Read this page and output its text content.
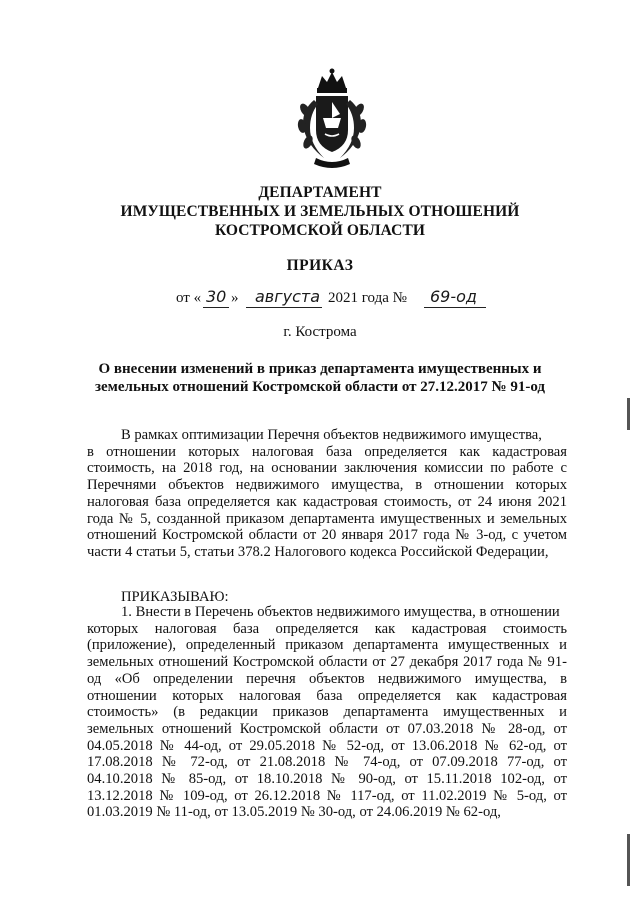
ДЕПАРТАМЕНТ
ИМУЩЕСТВЕННЫХ И ЗЕМЕЛЬНЫХ ОТНОШЕНИЙ
КОСТРОМСКОЙ ОБЛАСТИ
ПРИКАЗ
от « 30 » августа 2021 года № 69-од
г. Кострома
О внесении изменений в приказ департамента имущественных и
земельных отношений Костромской области от 27.12.2017 № 91-од
В рамках оптимизации Перечня объектов недвижимого имущества,
в отношении которых налоговая база определяется как кадастровая стоимость, на 2018 год, на основании заключения комиссии по работе с Перечнями объектов недвижимого имущества, в отношении которых налоговая база определяется как кадастровая стоимость, от 24 июня 2021 года № 5, созданной приказом департамента имущественных и земельных отношений Костромской области от 20 января 2017 года № 3-од, с учетом части 4 статьи 5, статьи 378.2 Налогового кодекса Российской Федерации,
ПРИКАЗЫВАЮ:
1. Внести в Перечень объектов недвижимого имущества, в отношении
которых налоговая база определяется как кадастровая стоимость (приложение), определенный приказом департамента имущественных и земельных отношений Костромской области от 27 декабря 2017 года № 91-од «Об определении перечня объектов недвижимого имущества, в отношении которых налоговая база определяется как кадастровая стоимость» (в редакции приказов департамента имущественных и земельных отношений Костромской области от 07.03.2018 № 28-од, от 04.05.2018 № 44-од, от 29.05.2018 № 52-од, от 13.06.2018 № 62-од, от 17.08.2018 № 72-од, от 21.08.2018 № 74-од, от 07.09.2018 77-од, от 04.10.2018 № 85-од, от 18.10.2018 № 90-од, от 15.11.2018 102-од, от 13.12.2018 № 109-од, от 26.12.2018 № 117-од, от 11.02.2019 № 5-од, от 01.03.2019 № 11-од, от 13.05.2019 № 30-од, от 24.06.2019 № 62-од,
